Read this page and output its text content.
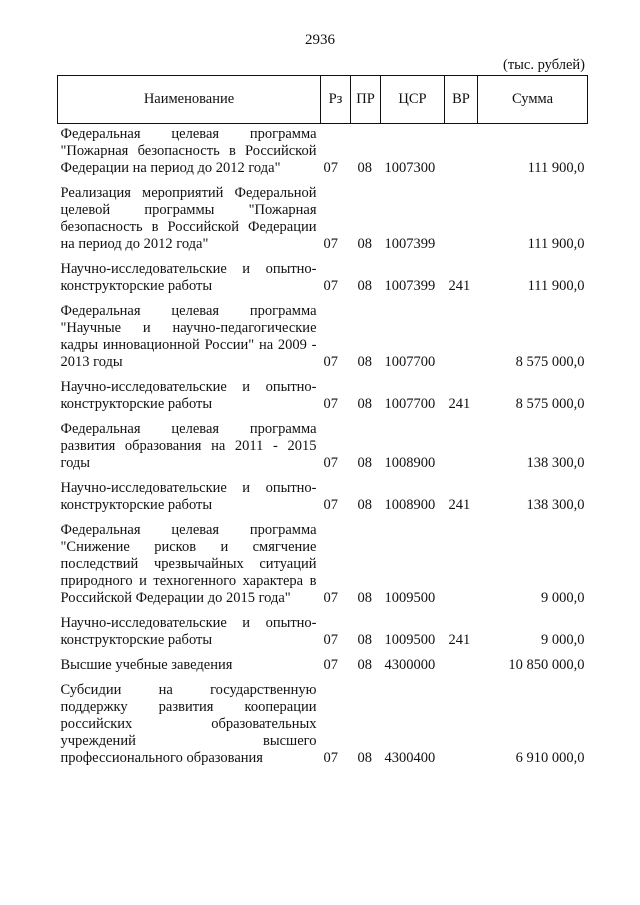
2936
(тыс. рублей)
Наименование	Рз	ПР	ЦСР	ВР	Сумма
Федеральная целевая программа "Пожарная безопасность в Российской Федерации на период до 2012 года"	07	08	1007300		111 900,0
Реализация мероприятий Федеральной целевой программы "Пожарная безопасность в Российской Федерации на период до 2012 года"	07	08	1007399		111 900,0
Научно-исследовательские и опытно-конструкторские работы	07	08	1007399	241	111 900,0
Федеральная целевая программа "Научные и научно-педагогические кадры инновационной России" на 2009 - 2013 годы	07	08	1007700		8 575 000,0
Научно-исследовательские и опытно-конструкторские работы	07	08	1007700	241	8 575 000,0
Федеральная целевая программа развития образования на 2011 - 2015 годы	07	08	1008900		138 300,0
Научно-исследовательские и опытно-конструкторские работы	07	08	1008900	241	138 300,0
Федеральная целевая программа "Снижение рисков и смягчение последствий чрезвычайных ситуаций природного и техногенного характера в Российской Федерации до 2015 года"	07	08	1009500		9 000,0
Научно-исследовательские и опытно-конструкторские работы	07	08	1009500	241	9 000,0
Высшие учебные заведения	07	08	4300000		10 850 000,0
Субсидии на государственную поддержку развития кооперации российских образовательных учреждений высшего профессионального образования	07	08	4300400		6 910 000,0
